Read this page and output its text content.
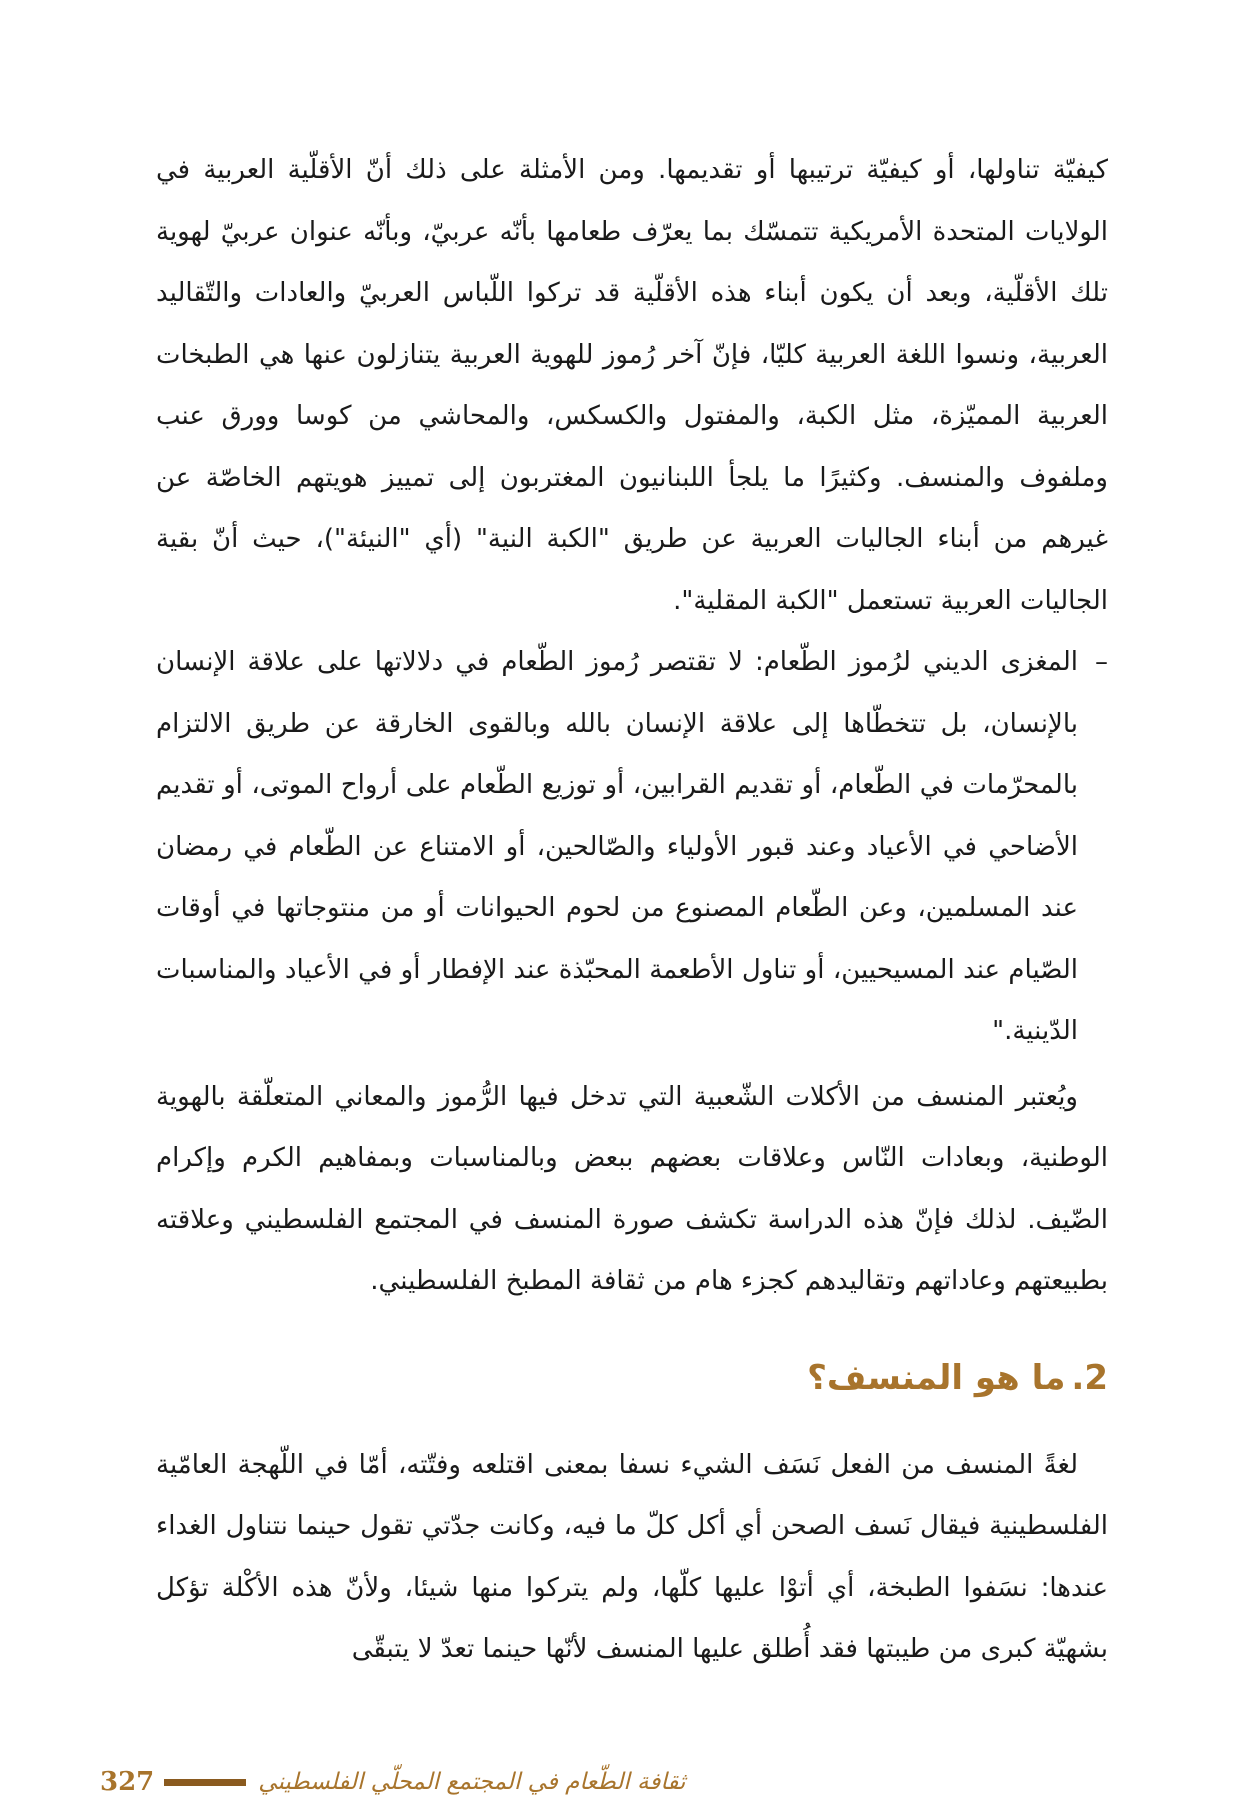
كيفيّة تناولها، أو كيفيّة ترتيبها أو تقديمها. ومن الأمثلة على ذلك أنّ الأقلّية العربية في الولايات المتحدة الأمريكية تتمسّك بما يعرّف طعامها بأنّه عربيّ، وبأنّه عنوان عربيّ لهوية تلك الأقلّية، وبعد أن يكون أبناء هذه الأقلّية قد تركوا اللّباس العربيّ والعادات والتّقاليد العربية، ونسوا اللغة العربية كليّا، فإنّ آخر رُموز للهوية العربية يتنازلون عنها هي الطبخات العربية المميّزة، مثل الكبة، والمفتول والكسكس، والمحاشي من كوسا وورق عنب وملفوف والمنسف. وكثيرًا ما يلجأ اللبنانيون المغتربون إلى تمييز هويتهم الخاصّة عن غيرهم من أبناء الجاليات العربية عن طريق "الكبة النية" (أي "النيئة")، حيث أنّ بقية الجاليات العربية تستعمل "الكبة المقلية".

–

المغزى الديني لرُموز الطّعام: لا تقتصر رُموز الطّعام في دلالاتها على علاقة الإنسان بالإنسان، بل تتخطّاها إلى علاقة الإنسان بالله وبالقوى الخارقة عن طريق الالتزام بالمحرّمات في الطّعام، أو تقديم القرابين، أو توزيع الطّعام على أرواح الموتى، أو تقديم الأضاحي في الأعياد وعند قبور الأولياء والصّالحين، أو الامتناع عن الطّعام في رمضان عند المسلمين، وعن الطّعام المصنوع من لحوم الحيوانات أو من منتوجاتها في أوقات الصّيام عند المسيحيين، أو تناول الأطعمة المحبّذة عند الإفطار أو في الأعياد والمناسبات الدّينية."

ويُعتبر المنسف من الأكلات الشّعبية التي تدخل فيها الرُّموز والمعاني المتعلّقة بالهوية الوطنية، وبعادات النّاس وعلاقات بعضهم ببعض وبالمناسبات وبمفاهيم الكرم وإكرام الضّيف. لذلك فإنّ هذه الدراسة تكشف صورة المنسف في المجتمع الفلسطيني وعلاقته بطبيعتهم وعاداتهم وتقاليدهم كجزء هام من ثقافة المطبخ الفلسطيني.

2.
ما هو المنسف؟

لغةً المنسف من الفعل نَسَف الشيء نسفا بمعنى اقتلعه وفتّته، أمّا في اللّهجة العامّية الفلسطينية فيقال نَسف الصحن أي أكل كلّ ما فيه، وكانت جدّتي تقول حينما نتناول الغداء عندها: نسَفوا الطبخة، أي أتوْا عليها كلّها، ولم يتركوا منها شيئا، ولأنّ هذه الأكْلة تؤكل بشهيّة كبرى من طيبتها فقد أُطلق عليها المنسف لأنّها حينما تعدّ لا يتبقّى

327	ثقافة الطّعام في المجتمع المحلّي الفلسطيني
